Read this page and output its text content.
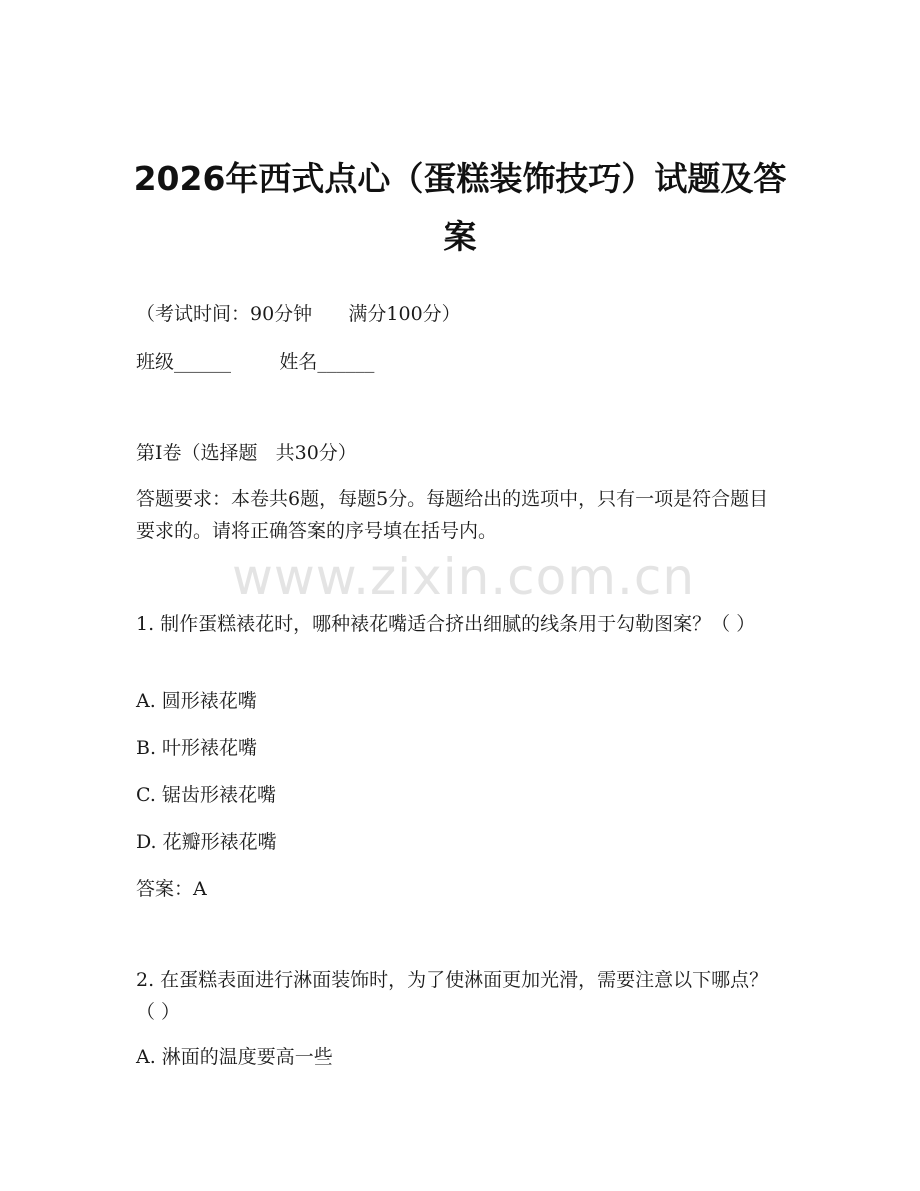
2026年西式点心（蛋糕装饰技巧）试题及答案
（考试时间：90分钟      满分100分）
班级______        姓名______
第Ⅰ卷（选择题   共30分）
答题要求：本卷共6题，每题5分。每题给出的选项中，只有一项是符合题目要求的。请将正确答案的序号填在括号内。
www.zixin.com.cn
1. 制作蛋糕裱花时，哪种裱花嘴适合挤出细腻的线条用于勾勒图案？（ ）
A. 圆形裱花嘴
B. 叶形裱花嘴
C. 锯齿形裱花嘴
D. 花瓣形裱花嘴
答案：A
2. 在蛋糕表面进行淋面装饰时，为了使淋面更加光滑，需要注意以下哪点？（ ）
A. 淋面的温度要高一些
